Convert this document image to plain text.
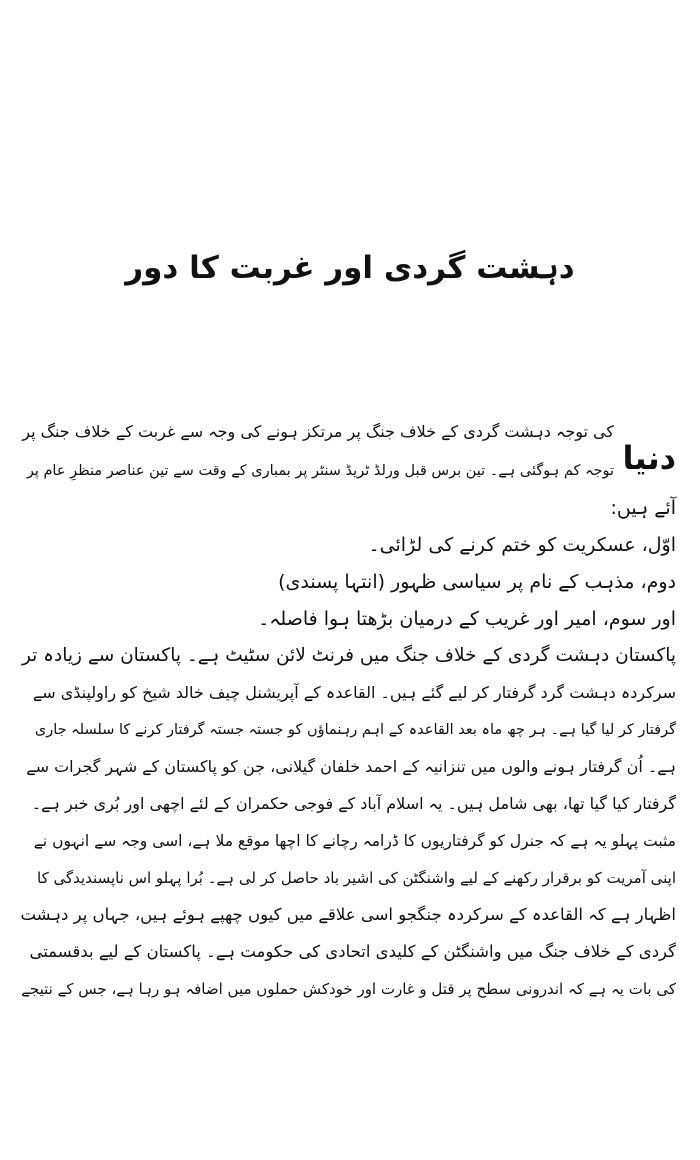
دہشت گردی اور غربت کا دور
دنیا
کی توجہ دہشت گردی کے خلاف جنگ پر مرتکز ہونے کی وجہ سے غربت کے خلاف جنگ پر
توجہ کم ہوگئی ہے۔ تین برس قبل ورلڈ ٹریڈ سنٹر پر بمباری کے وقت سے تین عناصر منظرِ عام پر
آئے ہیں:
اوّل، عسکریت کو ختم کرنے کی لڑائی۔
دوم، مذہب کے نام پر سیاسی ظہور (انتہا پسندی)
اور سوم، امیر اور غریب کے درمیان بڑھتا ہوا فاصلہ۔
پاکستان دہشت گردی کے خلاف جنگ میں فرنٹ لائن سٹیٹ ہے۔ پاکستان سے زیادہ تر
سرکردہ دہشت گرد گرفتار کر لیے گئے ہیں۔ القاعدہ کے آپریشنل چیف خالد شیخ کو راولپنڈی سے
گرفتار کر لیا گیا ہے۔ ہر چھ ماہ بعد القاعدہ کے اہم رہنماؤں کو جستہ جستہ گرفتار کرنے کا سلسلہ جاری
ہے۔ اُن گرفتار ہونے والوں میں تنزانیہ کے احمد خلفان گیلانی، جن کو پاکستان کے شہر گجرات سے
گرفتار کیا گیا تھا، بھی شامل ہیں۔ یہ اسلام آباد کے فوجی حکمران کے لئے اچھی اور بُری خبر ہے۔
مثبت پہلو یہ ہے کہ جنرل کو گرفتاریوں کا ڈرامہ رچانے کا اچھا موقع ملا ہے، اسی وجہ سے انہوں نے
اپنی آمریت کو برقرار رکھنے کے لیے واشنگٹن کی اشیر باد حاصل کر لی ہے۔ بُرا پہلو اس ناپسندیدگی کا
اظہار ہے کہ القاعدہ کے سرکردہ جنگجو اسی علاقے میں کیوں چھپے ہوئے ہیں، جہاں پر دہشت
گردی کے خلاف جنگ میں واشنگٹن کے کلیدی اتحادی کی حکومت ہے۔ پاکستان کے لیے بدقسمتی
کی بات یہ ہے کہ اندرونی سطح پر قتل و غارت اور خودکش حملوں میں اضافہ ہو رہا ہے، جس کے نتیجے
